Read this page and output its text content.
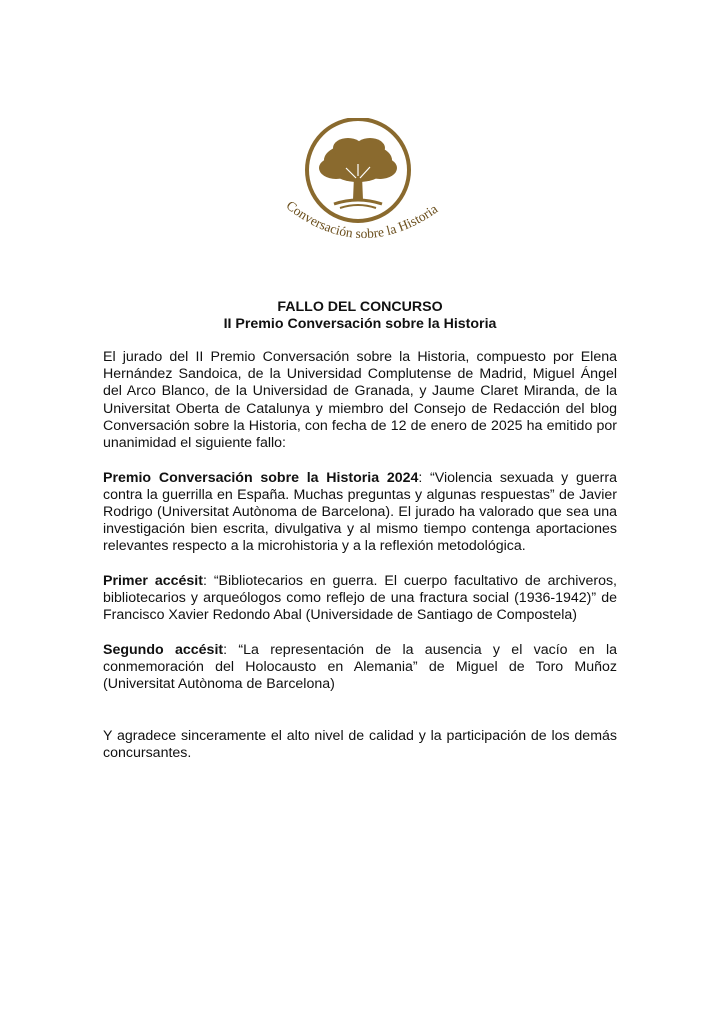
Conversación sobre la Historia
FALLO DEL CONCURSO
II Premio Conversación sobre la Historia

El jurado del II Premio Conversación sobre la Historia, compuesto por Elena Hernández Sandoica, de la Universidad Complutense de Madrid, Miguel Ángel del Arco Blanco, de la Universidad de Granada, y Jaume Claret Miranda, de la Universitat Oberta de Catalunya y miembro del Consejo de Redacción del blog Conversación sobre la Historia, con fecha de 12 de enero de 2025 ha emitido por unanimidad el siguiente fallo:

Premio Conversación sobre la Historia 2024: “Violencia sexuada y guerra contra la guerrilla en España. Muchas preguntas y algunas respuestas” de Javier Rodrigo (Universitat Autònoma de Barcelona). El jurado ha valorado que sea una investigación bien escrita, divulgativa y al mismo tiempo contenga aportaciones relevantes respecto a la microhistoria y a la reflexión metodológica.

Primer accésit: “Bibliotecarios en guerra. El cuerpo facultativo de archiveros, bibliotecarios y arqueólogos como reflejo de una fractura social (1936-1942)” de Francisco Xavier Redondo Abal (Universidade de Santiago de Compostela)

Segundo accésit: “La representación de la ausencia y el vacío en la conmemoración del Holocausto en Alemania” de Miguel de Toro Muñoz (Universitat Autònoma de Barcelona)

Y agradece sinceramente el alto nivel de calidad y la participación de los demás concursantes.
